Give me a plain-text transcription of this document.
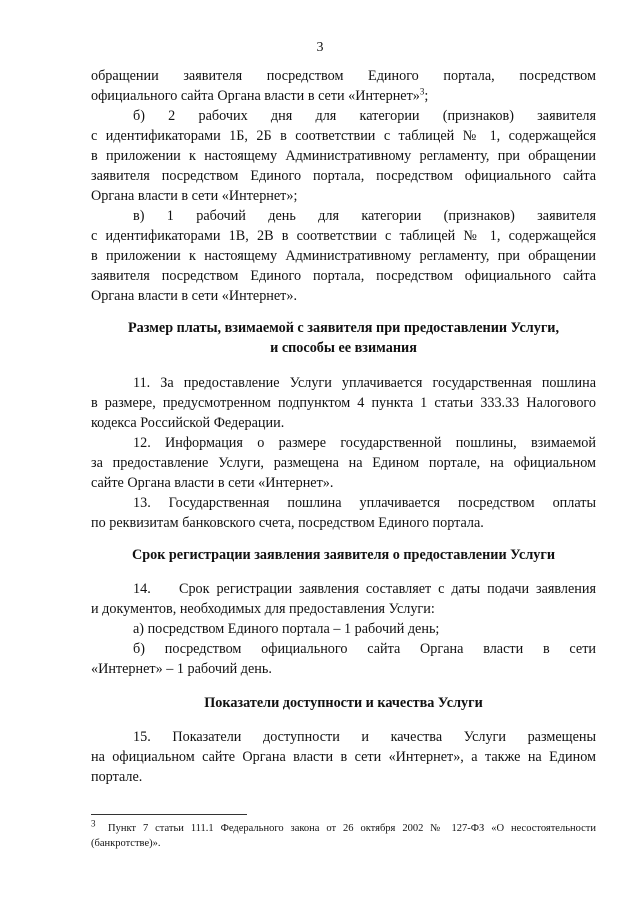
3
обращении заявителя посредством Единого портала, посредством
официального сайта Органа власти в сети «Интернет»$^3$;
б) 2 рабочих дня для категории (признаков) заявителя
с идентификаторами 1Б, 2Б в соответствии с таблицей № 1, содержащейся
в приложении к настоящему Административному регламенту, при обращении
заявителя посредством Единого портала, посредством официального сайта
Органа власти в сети «Интернет»;
в) 1 рабочий день для категории (признаков) заявителя
с идентификаторами 1В, 2В в соответствии с таблицей № 1, содержащейся
в приложении к настоящему Административному регламенту, при обращении
заявителя посредством Единого портала, посредством официального сайта
Органа власти в сети «Интернет».
Размер платы, взимаемой с заявителя при предоставлении Услуги,
и способы ее взимания
11. За предоставление Услуги уплачивается государственная пошлина
в размере, предусмотренном подпунктом 4 пункта 1 статьи 333.33 Налогового
кодекса Российской Федерации.
12. Информация о размере государственной пошлины, взимаемой
за предоставление Услуги, размещена на Едином портале, на официальном
сайте Органа власти в сети «Интернет».
13. Государственная пошлина уплачивается посредством оплаты
по реквизитам банковского счета, посредством Единого портала.
Срок регистрации заявления заявителя о предоставлении Услуги
14. Срок регистрации заявления составляет с даты подачи заявления
и документов, необходимых для предоставления Услуги:
а) посредством Единого портала – 1 рабочий день;
б) посредством официального сайта Органа власти в сети
«Интернет» – 1 рабочий день.
Показатели доступности и качества Услуги
15. Показатели доступности и качества Услуги размещены
на официальном сайте Органа власти в сети «Интернет», а также на Едином
портале.
$^3$	Пункт 7 статьи 111.1 Федерального закона от 26 октября 2002 № 127-ФЗ «О несостоятельности
(банкротстве)».
